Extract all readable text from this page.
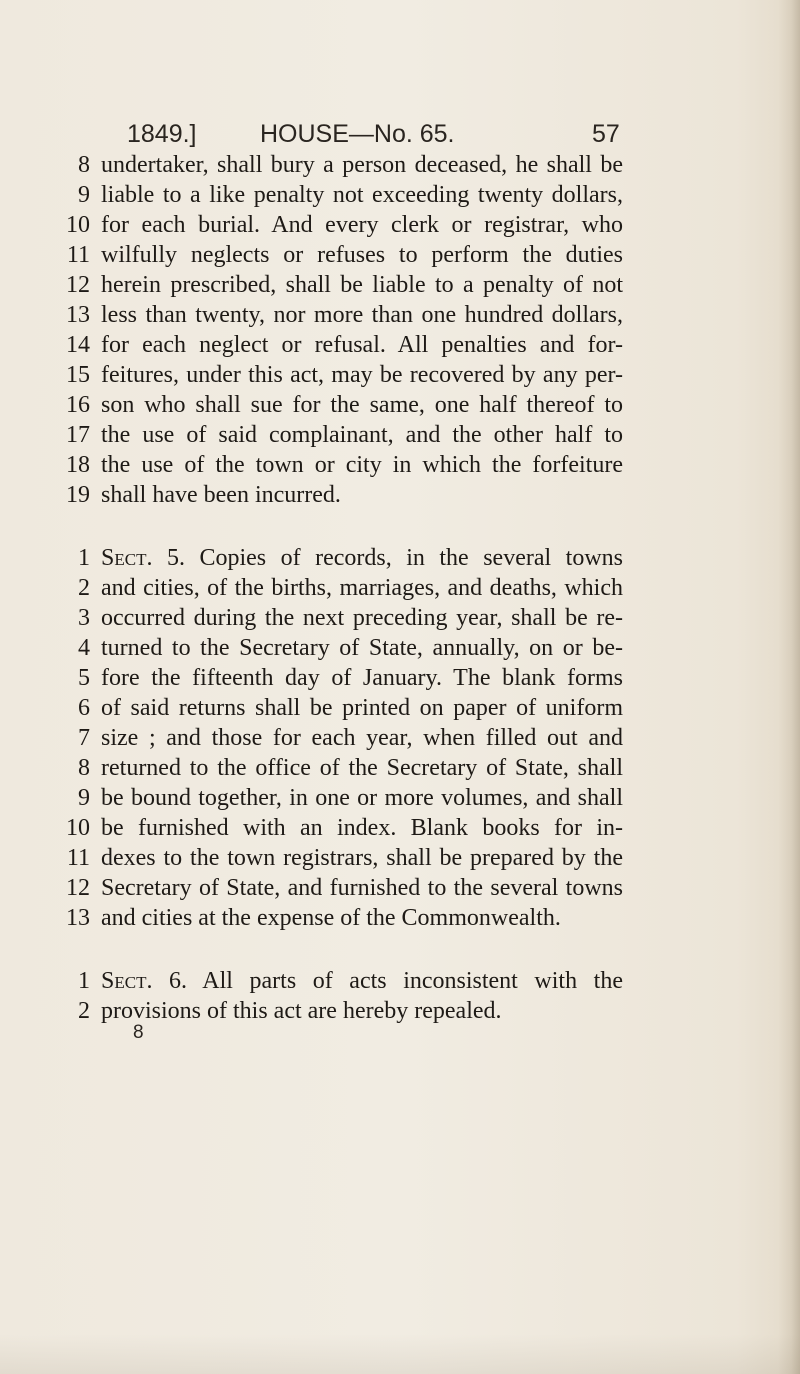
1849.]	HOUSE—No. 65.	57
8 undertaker, shall bury a person deceased, he shall be
9 liable to a like penalty not exceeding twenty dollars,
10 for each burial. And every clerk or registrar, who
11 wilfully neglects or refuses to perform the duties
12 herein prescribed, shall be liable to a penalty of not
13 less than twenty, nor more than one hundred dollars,
14 for each neglect or refusal. All penalties and for-
15 feitures, under this act, may be recovered by any per-
16 son who shall sue for the same, one half thereof to
17 the use of said complainant, and the other half to
18 the use of the town or city in which the forfeiture
19 shall have been incurred.
1 Sect. 5. Copies of records, in the several towns
2 and cities, of the births, marriages, and deaths, which
3 occurred during the next preceding year, shall be re-
4 turned to the Secretary of State, annually, on or be-
5 fore the fifteenth day of January. The blank forms
6 of said returns shall be printed on paper of uniform
7 size ; and those for each year, when filled out and
8 returned to the office of the Secretary of State, shall
9 be bound together, in one or more volumes, and shall
10 be furnished with an index. Blank books for in-
11 dexes to the town registrars, shall be prepared by the
12 Secretary of State, and furnished to the several towns
13 and cities at the expense of the Commonwealth.
1 Sect. 6. All parts of acts inconsistent with the
2 provisions of this act are hereby repealed.
8
